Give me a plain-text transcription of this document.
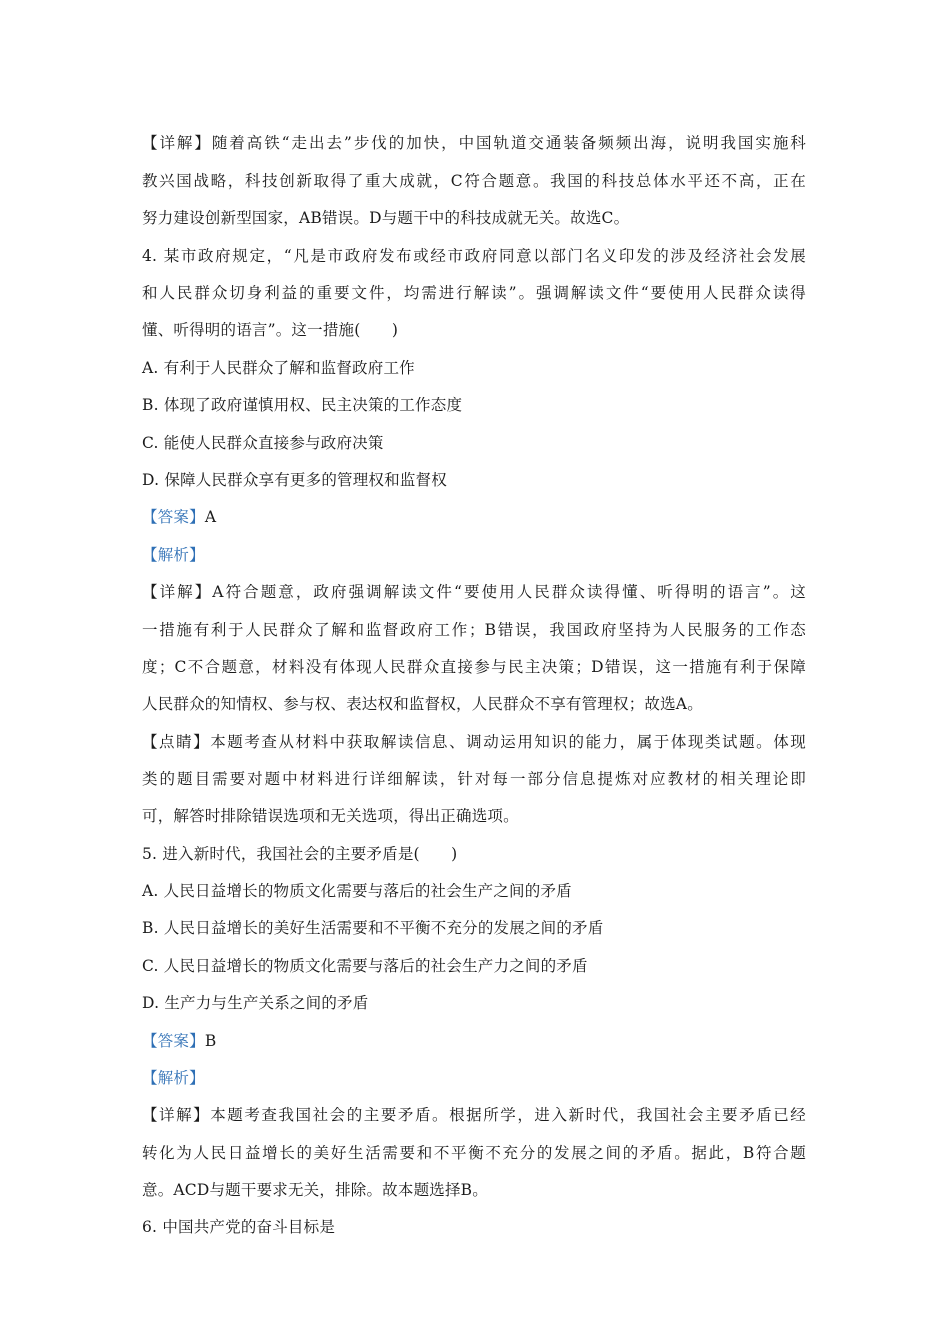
【详解】随着高铁“走出去”步伐的加快，中国轨道交通装备频频出海，说明我国实施科
教兴国战略，科技创新取得了重大成就，C符合题意。我国的科技总体水平还不高，正在
努力建设创新型国家，AB错误。D与题干中的科技成就无关。故选C。
4. 某市政府规定，“凡是市政府发布或经市政府同意以部门名义印发的涉及经济社会发展
和人民群众切身利益的重要文件，均需进行解读”。强调解读文件“要使用人民群众读得
懂、听得明的语言”。这一措施(　　)
A. 有利于人民群众了解和监督政府工作
B. 体现了政府谨慎用权、民主决策的工作态度
C. 能使人民群众直接参与政府决策
D. 保障人民群众享有更多的管理权和监督权
【答案】A
【解析】
【详解】A符合题意，政府强调解读文件“要使用人民群众读得懂、听得明的语言”。这
一措施有利于人民群众了解和监督政府工作；B错误，我国政府坚持为人民服务的工作态
度；C不合题意，材料没有体现人民群众直接参与民主决策；D错误，这一措施有利于保障
人民群众的知情权、参与权、表达权和监督权，人民群众不享有管理权；故选A。
【点睛】本题考查从材料中获取解读信息、调动运用知识的能力，属于体现类试题。体现
类的题目需要对题中材料进行详细解读，针对每一部分信息提炼对应教材的相关理论即
可，解答时排除错误选项和无关选项，得出正确选项。
5. 进入新时代，我国社会的主要矛盾是(　　)
A. 人民日益增长的物质文化需要与落后的社会生产之间的矛盾
B. 人民日益增长的美好生活需要和不平衡不充分的发展之间的矛盾
C. 人民日益增长的物质文化需要与落后的社会生产力之间的矛盾
D. 生产力与生产关系之间的矛盾
【答案】B
【解析】
【详解】本题考查我国社会的主要矛盾。根据所学，进入新时代，我国社会主要矛盾已经
转化为人民日益增长的美好生活需要和不平衡不充分的发展之间的矛盾。据此，B符合题
意。ACD与题干要求无关，排除。故本题选择B。
6. 中国共产党的奋斗目标是
